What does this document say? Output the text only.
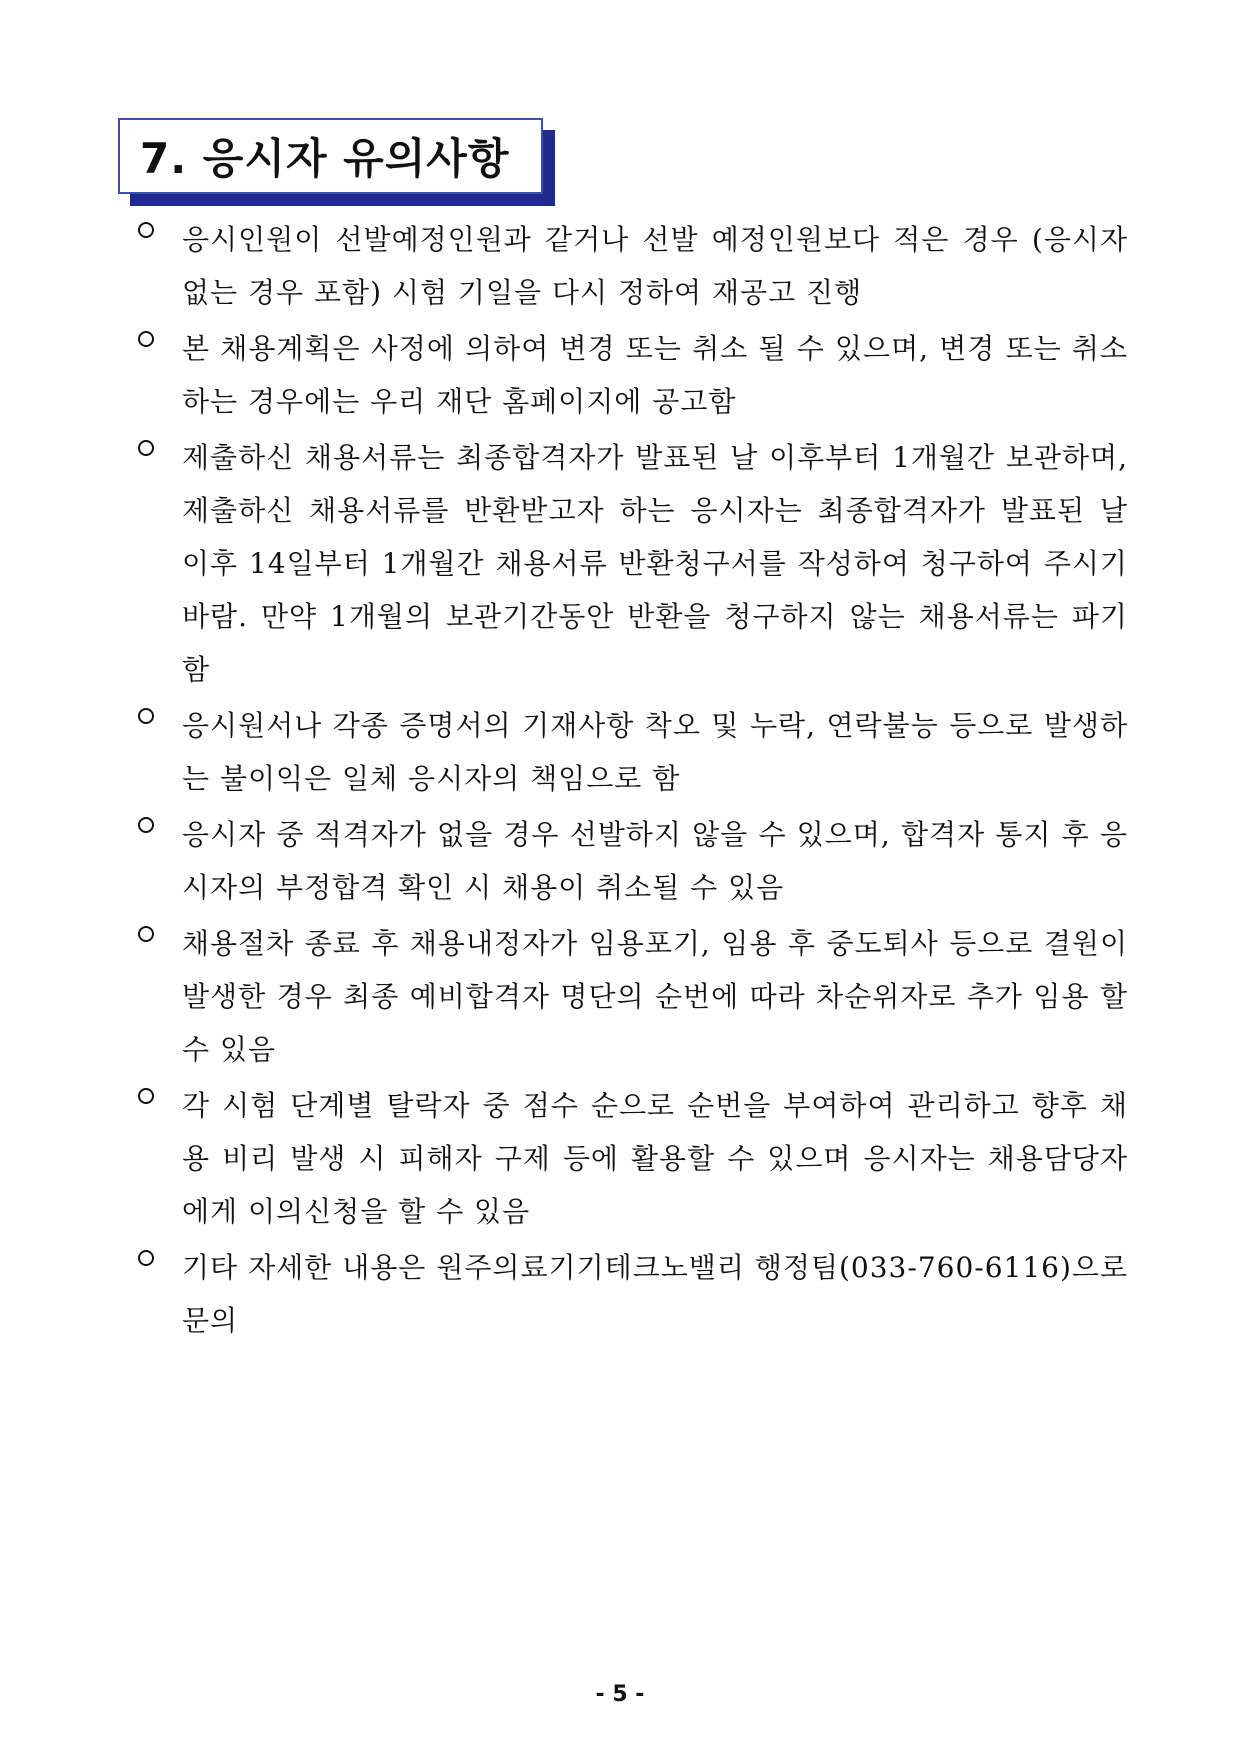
7. 응시자 유의사항
응시인원이 선발예정인원과 같거나 선발 예정인원보다 적은 경우 (응시자 없는 경우 포함) 시험 기일을 다시 정하여 재공고 진행
본 채용계획은 사정에 의하여 변경 또는 취소 될 수 있으며, 변경 또는 취소하는 경우에는 우리 재단 홈페이지에 공고함
제출하신 채용서류는 최종합격자가 발표된 날 이후부터 1개월간 보관하며, 제출하신 채용서류를 반환받고자 하는 응시자는 최종합격자가 발표된 날 이후 14일부터 1개월간 채용서류 반환청구서를 작성하여 청구하여 주시기 바람. 만약 1개월의 보관기간동안 반환을 청구하지 않는 채용서류는 파기함
응시원서나 각종 증명서의 기재사항 착오 및 누락, 연락불능 등으로 발생하는 불이익은 일체 응시자의 책임으로 함
응시자 중 적격자가 없을 경우 선발하지 않을 수 있으며, 합격자 통지 후 응시자의 부정합격 확인 시 채용이 취소될 수 있음
채용절차 종료 후 채용내정자가 임용포기, 임용 후 중도퇴사 등으로 결원이 발생한 경우 최종 예비합격자 명단의 순번에 따라 차순위자로 추가 임용 할 수 있음
각 시험 단계별 탈락자 중 점수 순으로 순번을 부여하여 관리하고 향후 채용 비리 발생 시 피해자 구제 등에 활용할 수 있으며 응시자는 채용담당자에게 이의신청을 할 수 있음
기타 자세한 내용은 원주의료기기테크노밸리 행정팀(033-760-6116)으로 문의
- 5 -
